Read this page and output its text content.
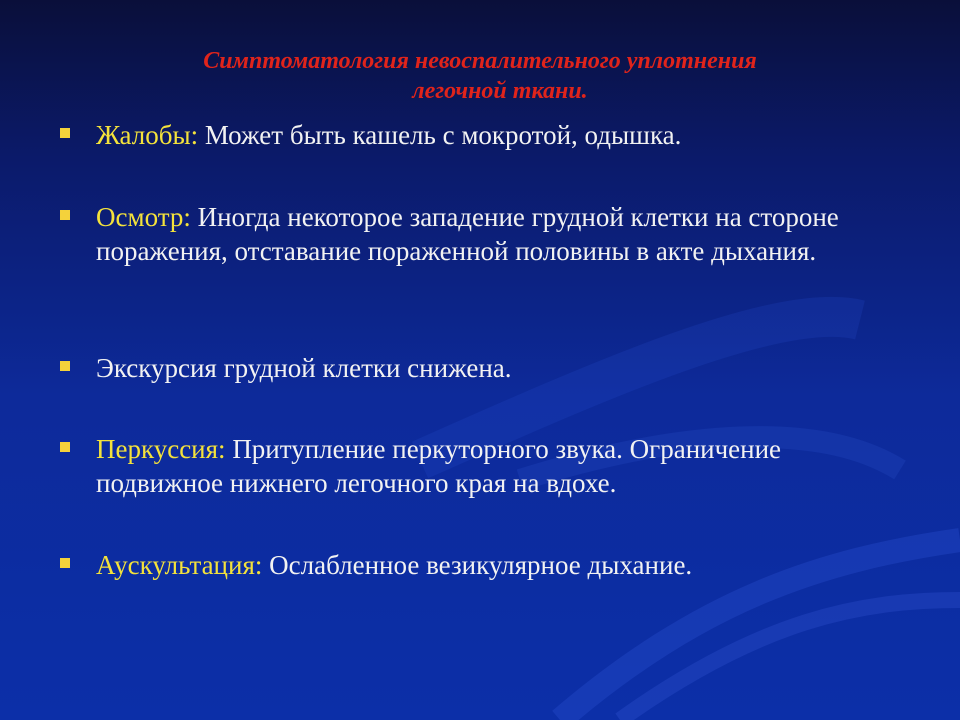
Симптоматология невоспалительного уплотнения
легочной ткани.
Жалобы: Может быть кашель с мокротой, одышка.
Осмотр: Иногда некоторое западение грудной клетки на стороне поражения, отставание пораженной половины в акте дыхания.
Экскурсия грудной клетки снижена.
Перкуссия: Притупление перкуторного звука. Ограничение подвижное нижнего легочного края на вдохе.
Аускультация: Ослабленное везикулярное дыхание.
